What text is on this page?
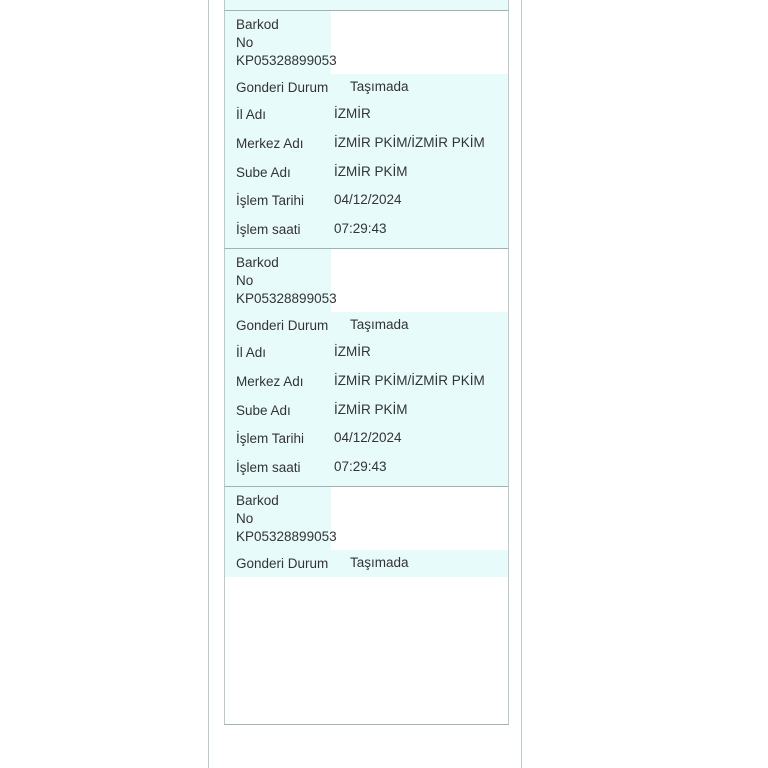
Barkod
No
KP05328899053
Gonderi Durum Taşımada
İl Adı	İZMİR
Merkez Adı İZMİR PKİM/İZMİR PKİM
Sube Adı	İZMİR PKİM
İşlem Tarihi 04/12/2024
İşlem saati 07:29:43
Barkod
No
KP05328899053
Gonderi Durum Taşımada
İl Adı	İZMİR
Merkez Adı İZMİR PKİM/İZMİR PKİM
Sube Adı	İZMİR PKİM
İşlem Tarihi 04/12/2024
İşlem saati 07:29:43
Barkod
No
KP05328899053
Gonderi Durum Taşımada
